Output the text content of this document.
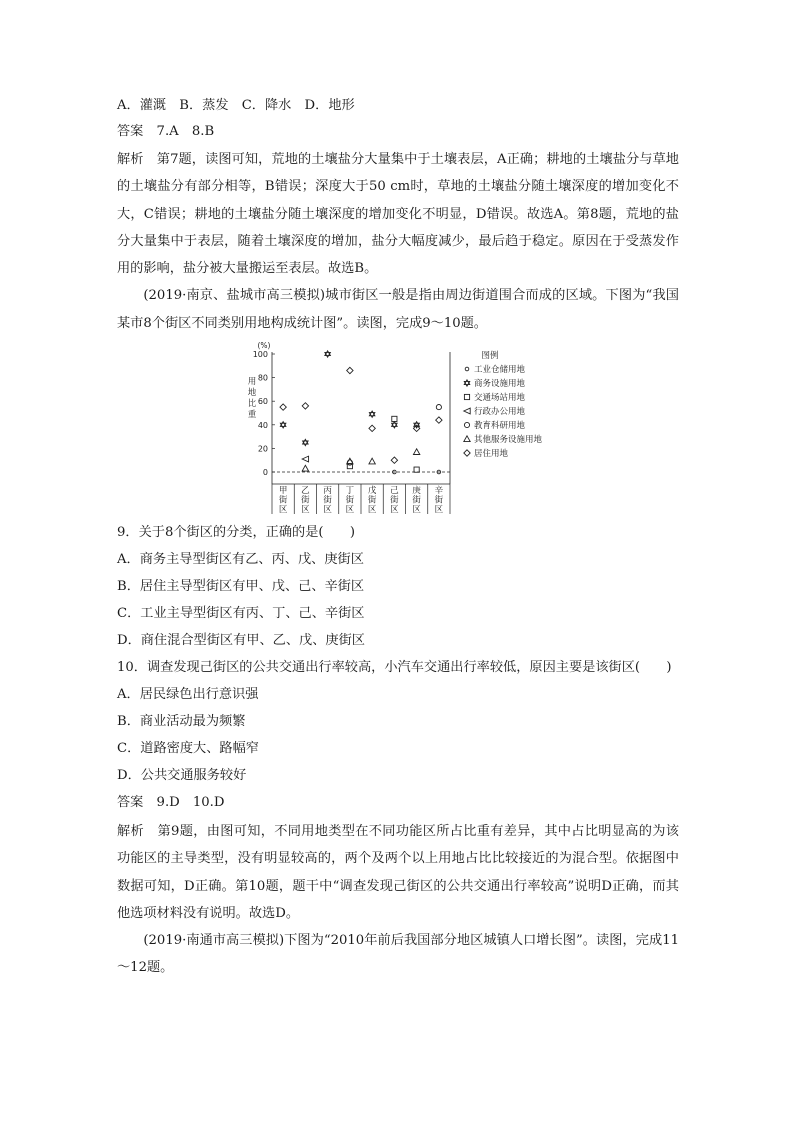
A．灌溉　B．蒸发　C．降水　D．地形
答案　7.A　8.B

解析　第7题，读图可知，荒地的土壤盐分大量集中于土壤表层，A正确；耕地的土壤盐分与草地的土壤盐分有部分相等，B错误；深度大于50 cm时，草地的土壤盐分随土壤深度的增加变化不大，C错误；耕地的土壤盐分随土壤深度的增加变化不明显，D错误。故选A。第8题，荒地的盐分大量集中于表层，随着土壤深度的增加，盐分大幅度减少，最后趋于稳定。原因在于受蒸发作用的影响，盐分被大量搬运至表层。故选B。

(2019·南京、盐城市高三模拟)城市街区一般是指由周边街道围合而成的区域。下图为“我国某市8个街区不同类别用地构成统计图”。读图，完成9～10题。

0
20
40
60
80
100
(%)
用
地
比
重
甲
街
区
乙
街
区
丙
街
区
丁
街
区
戊
街
区
己
街
区
庚
街
区
辛
街
区
图例
工业仓储用地
商务设施用地
交通场站用地
行政办公用地
教育科研用地
其他服务设施用地
居住用地
9．关于8个街区的分类，正确的是(　　)
A．商务主导型街区有乙、丙、戊、庚街区
B．居住主导型街区有甲、戊、己、辛街区
C．工业主导型街区有丙、丁、己、辛街区
D．商住混合型街区有甲、乙、戊、庚街区
10．调查发现己街区的公共交通出行率较高，小汽车交通出行率较低，原因主要是该街区(　　)
A．居民绿色出行意识强
B．商业活动最为频繁
C．道路密度大、路幅窄
D．公共交通服务较好
答案　9.D　10.D

解析　第9题，由图可知，不同用地类型在不同功能区所占比重有差异，其中占比明显高的为该功能区的主导类型，没有明显较高的，两个及两个以上用地占比比较接近的为混合型。依据图中数据可知，D正确。第10题，题干中“调查发现己街区的公共交通出行率较高”说明D正确，而其他选项材料没有说明。故选D。

(2019·南通市高三模拟)下图为“2010年前后我国部分地区城镇人口增长图”。读图，完成11～12题。
